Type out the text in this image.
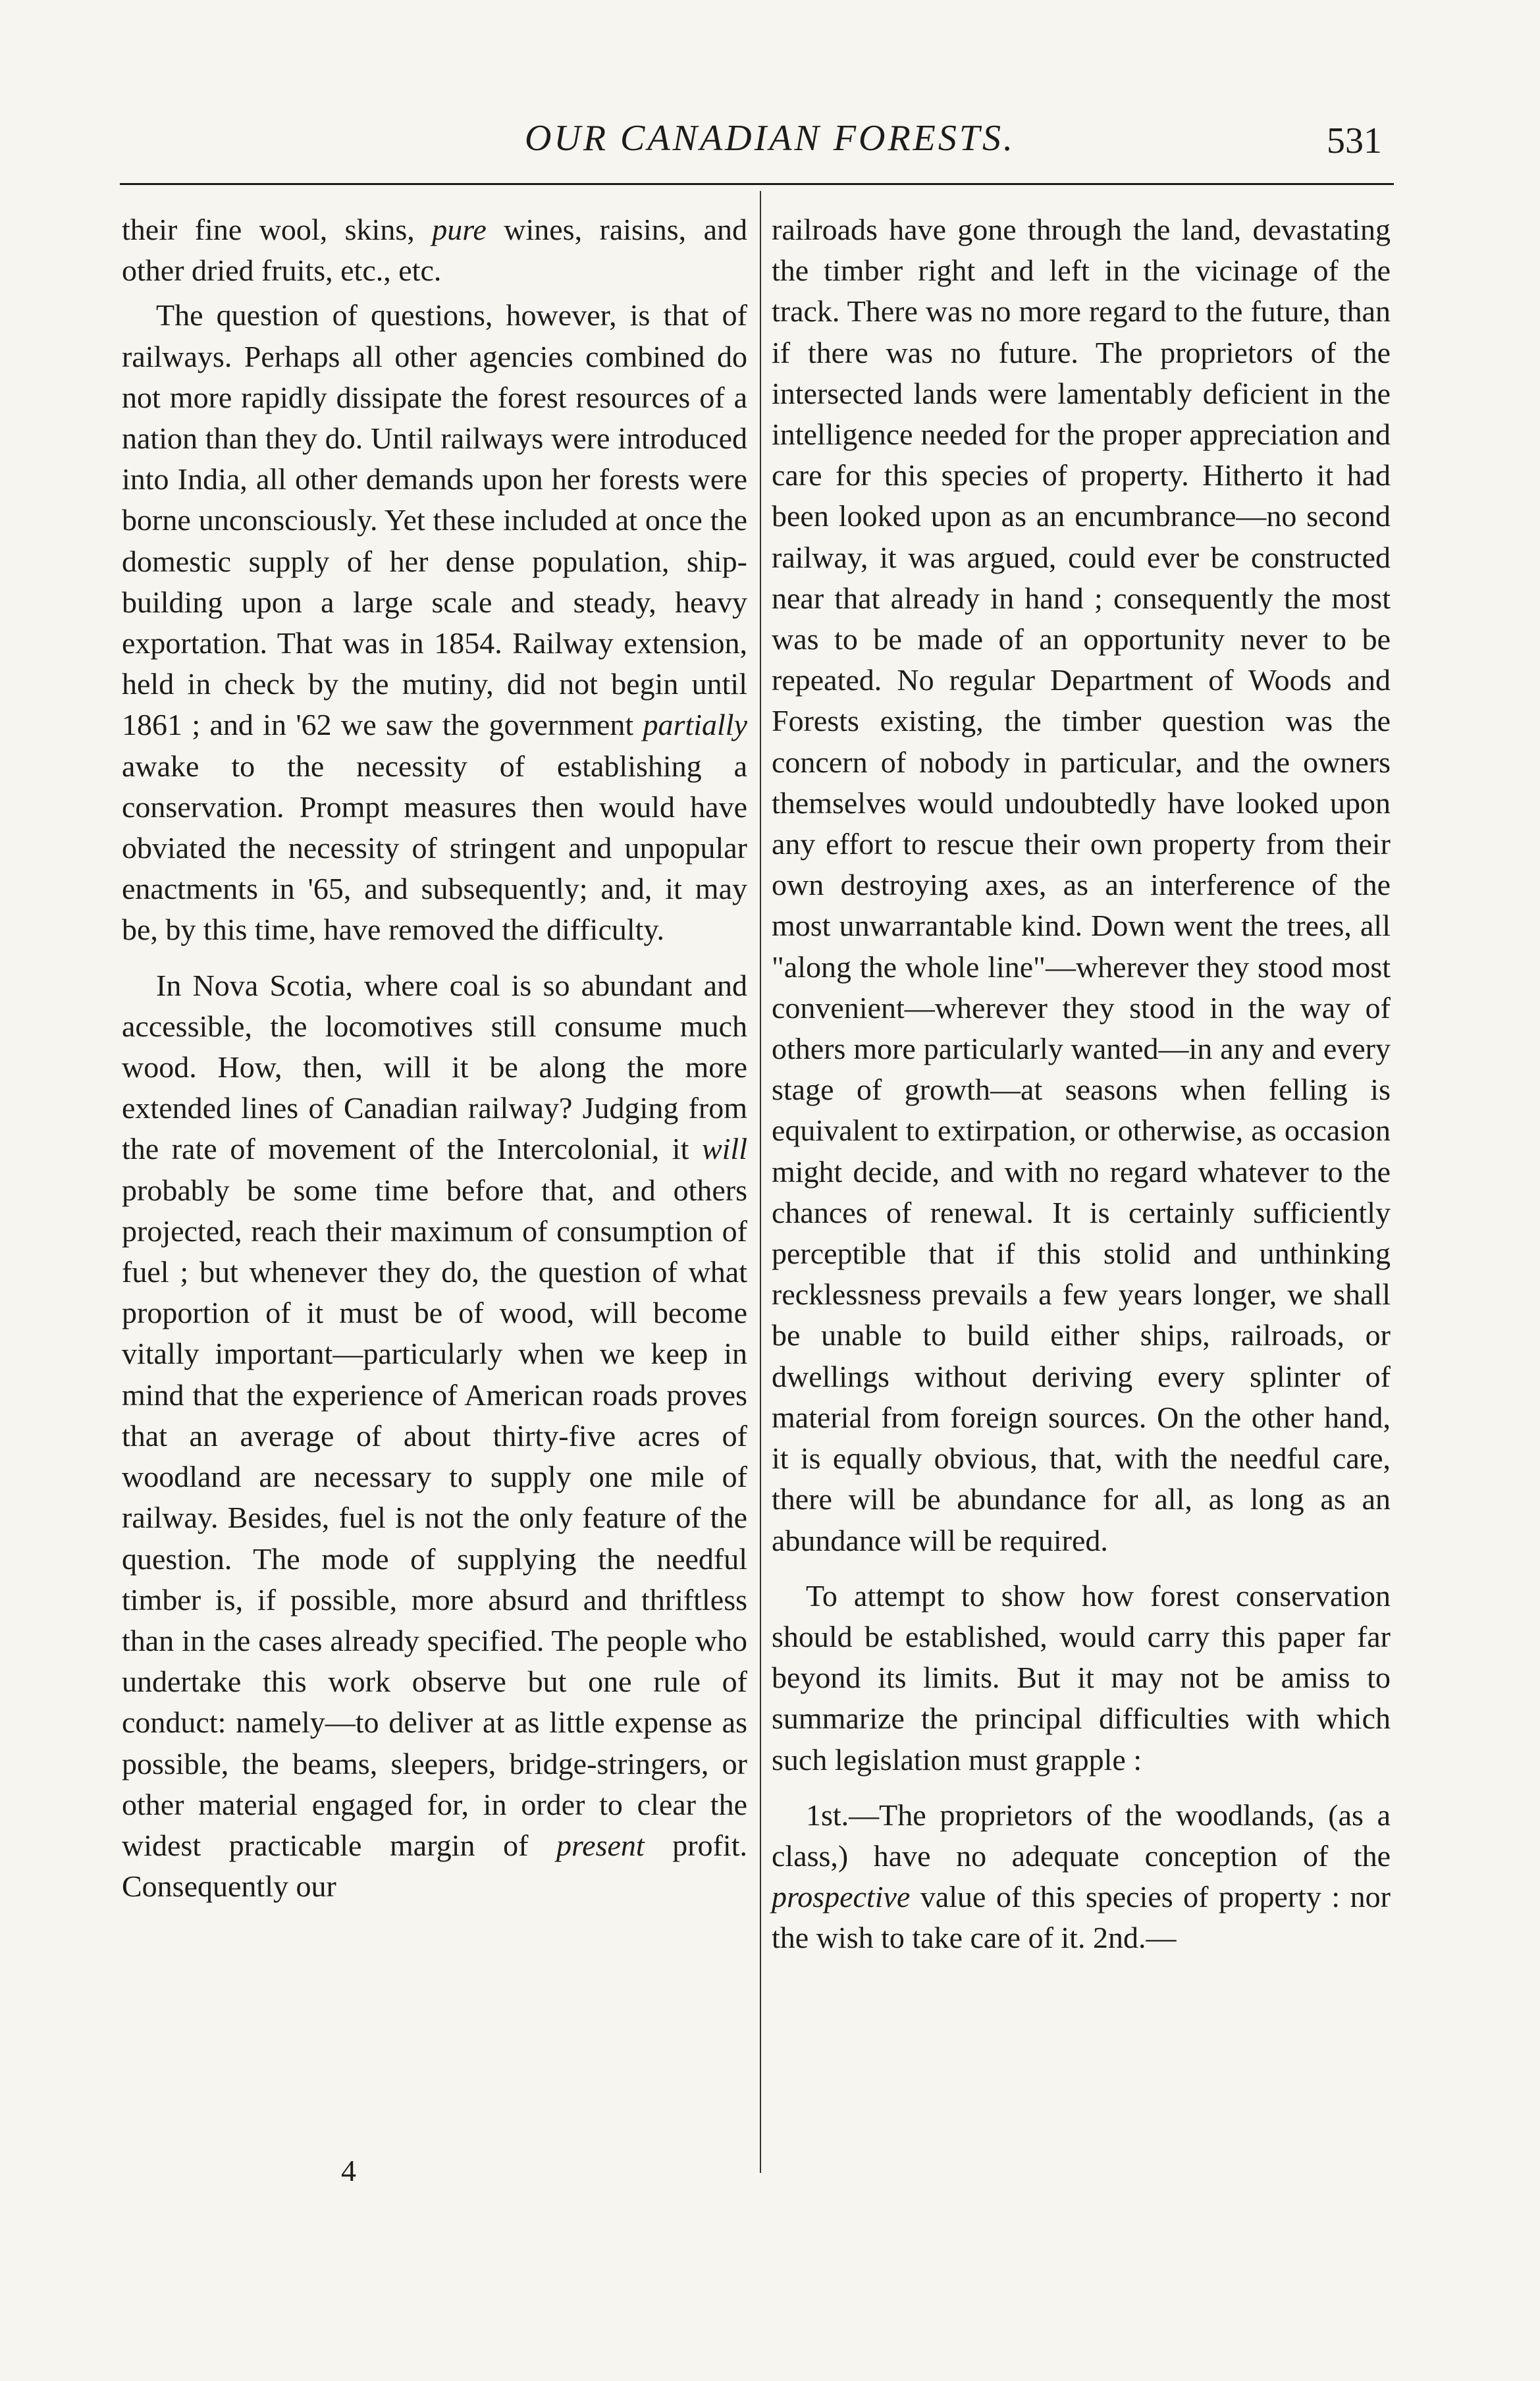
OUR CANADIAN FORESTS.	531

their fine wool, skins, pure wines, raisins, and other dried fruits, etc., etc.

The question of questions, however, is that of railways. Perhaps all other agencies combined do not more rapidly dissipate the forest resources of a nation than they do. Until railways were introduced into India, all other demands upon her forests were borne unconsciously. Yet these included at once the domestic supply of her dense population, ship-building upon a large scale and steady, heavy exportation. That was in 1854. Railway extension, held in check by the mutiny, did not begin until 1861 ; and in '62 we saw the government partially awake to the necessity of establishing a conservation. Prompt measures then would have obviated the necessity of stringent and unpopular enactments in '65, and subsequently; and, it may be, by this time, have removed the difficulty.

In Nova Scotia, where coal is so abundant and accessible, the locomotives still consume much wood. How, then, will it be along the more extended lines of Canadian railway? Judging from the rate of movement of the Intercolonial, it will probably be some time before that, and others projected, reach their maximum of consumption of fuel ; but whenever they do, the question of what proportion of it must be of wood, will become vitally important—particularly when we keep in mind that the experience of American roads proves that an average of about thirty-five acres of woodland are necessary to supply one mile of railway. Besides, fuel is not the only feature of the question. The mode of supplying the needful timber is, if possible, more absurd and thriftless than in the cases already specified. The people who undertake this work observe but one rule of conduct: namely—to deliver at as little expense as possible, the beams, sleepers, bridge-stringers, or other material engaged for, in order to clear the widest practicable margin of present profit. Consequently our

railroads have gone through the land, devastating the timber right and left in the vicinage of the track. There was no more regard to the future, than if there was no future. The proprietors of the intersected lands were lamentably deficient in the intelligence needed for the proper appreciation and care for this species of property. Hitherto it had been looked upon as an encumbrance—no second railway, it was argued, could ever be constructed near that already in hand ; consequently the most was to be made of an opportunity never to be repeated. No regular Department of Woods and Forests existing, the timber question was the concern of nobody in particular, and the owners themselves would undoubtedly have looked upon any effort to rescue their own property from their own destroying axes, as an interference of the most unwarrantable kind. Down went the trees, all "along the whole line"—wherever they stood most convenient—wherever they stood in the way of others more particularly wanted—in any and every stage of growth—at seasons when felling is equivalent to extirpation, or otherwise, as occasion might decide, and with no regard whatever to the chances of renewal. It is certainly sufficiently perceptible that if this stolid and unthinking recklessness prevails a few years longer, we shall be unable to build either ships, railroads, or dwellings without deriving every splinter of material from foreign sources. On the other hand, it is equally obvious, that, with the needful care, there will be abundance for all, as long as an abundance will be required.

To attempt to show how forest conservation should be established, would carry this paper far beyond its limits. But it may not be amiss to summarize the principal difficulties with which such legislation must grapple :

1st.—The proprietors of the woodlands, (as a class,) have no adequate conception of the prospective value of this species of property : nor the wish to take care of it. 2nd.—

4
